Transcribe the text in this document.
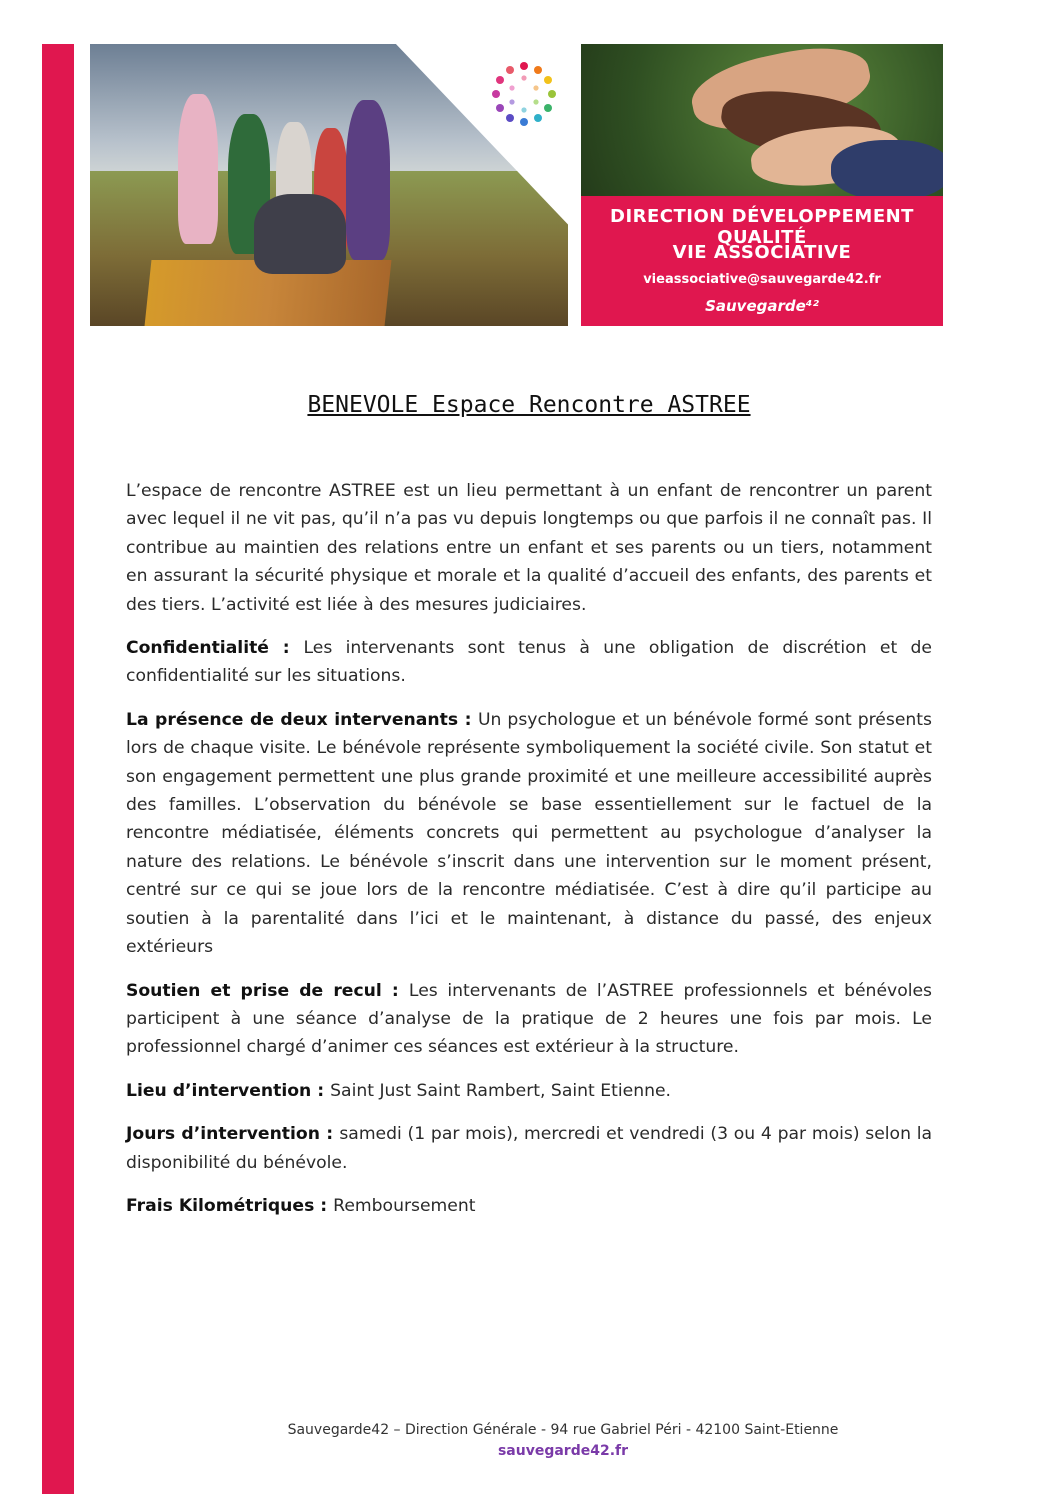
DIRECTION DÉVELOPPEMENT QUALITÉ
VIE ASSOCIATIVE
vieassociative@sauvegarde42.fr
Sauvegarde⁴²
BENEVOLE Espace Rencontre ASTREE

L’espace de rencontre ASTREE est un lieu permettant à un enfant de rencontrer un parent avec lequel il ne vit pas, qu’il n’a pas vu depuis longtemps ou que parfois il ne connaît pas. Il contribue au maintien des relations entre un enfant et ses parents ou un tiers, notamment en assurant la sécurité physique et morale et la qualité d’accueil des enfants, des parents et des tiers. L’activité est liée à des mesures judiciaires.

Confidentialité : Les intervenants sont tenus à une obligation de discrétion et de confidentialité sur les situations.

La présence de deux intervenants : Un psychologue et un bénévole formé sont présents lors de chaque visite. Le bénévole représente symboliquement la société civile. Son statut et son engagement permettent une plus grande proximité et une meilleure accessibilité auprès des familles. L’observation du bénévole se base essentiellement sur le factuel de la rencontre médiatisée, éléments concrets qui permettent au psychologue d’analyser la nature des relations. Le bénévole s’inscrit dans une intervention sur le moment présent, centré sur ce qui se joue lors de la rencontre médiatisée. C’est à dire qu’il participe au soutien à la parentalité dans l’ici et le maintenant, à distance du passé, des enjeux extérieurs

Soutien et prise de recul : Les intervenants de l’ASTREE professionnels et bénévoles participent à une séance d’analyse de la pratique de 2 heures une fois par mois. Le professionnel chargé d’animer ces séances est extérieur à la structure.

Lieu d’intervention : Saint Just Saint Rambert, Saint Etienne.

Jours d’intervention : samedi (1 par mois), mercredi et vendredi (3 ou 4 par mois) selon la disponibilité du bénévole.

Frais Kilométriques : Remboursement

Sauvegarde42 – Direction Générale - 94 rue Gabriel Péri - 42100 Saint-Etienne
sauvegarde42.fr
